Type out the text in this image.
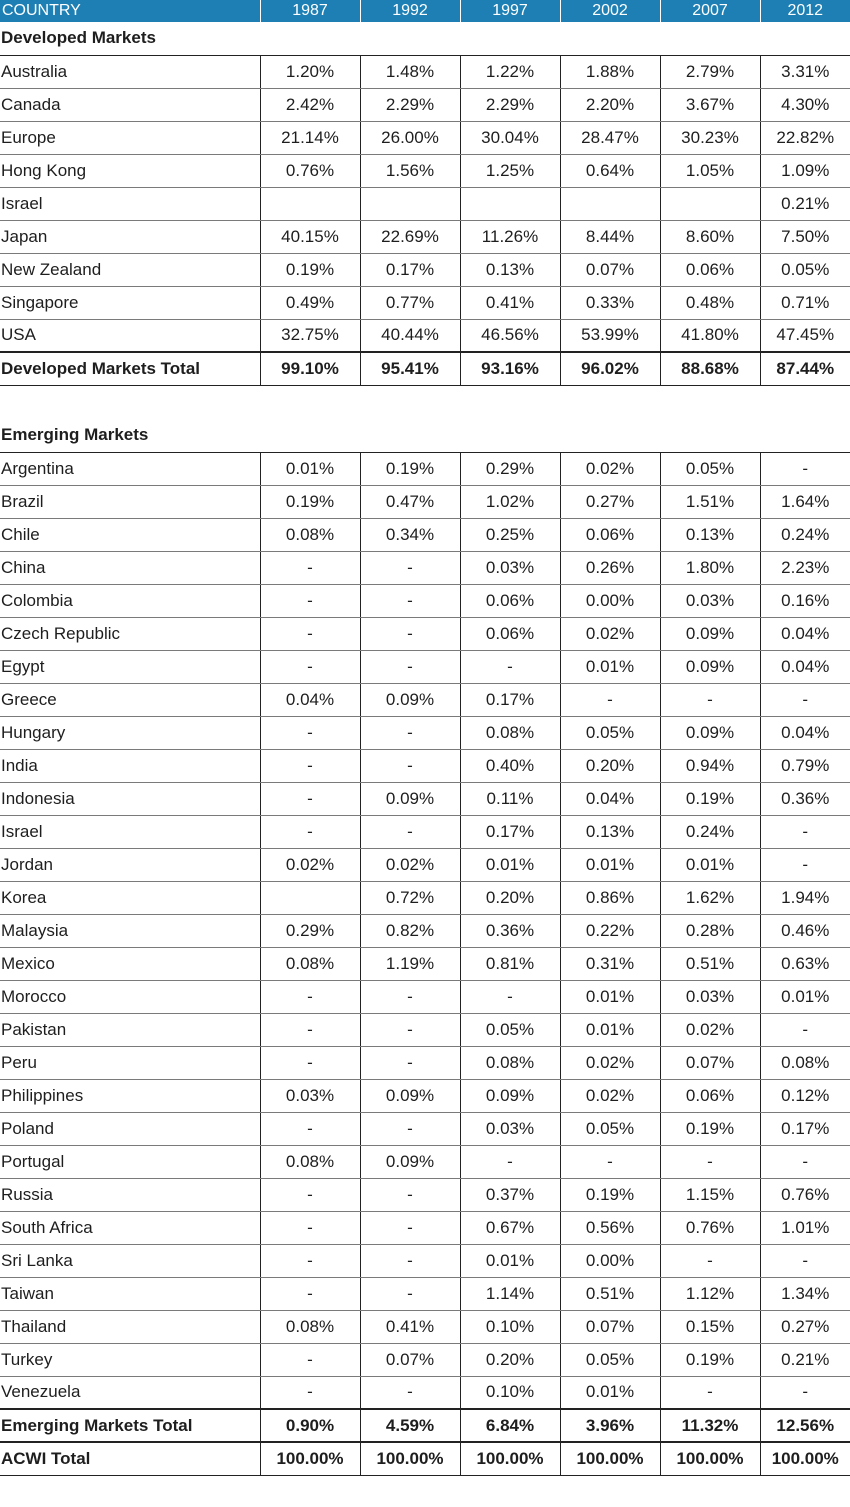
COUNTRY	1987	1992	1997	2002	2007	2012
Developed Markets						
Australia	1.20%	1.48%	1.22%	1.88%	2.79%	3.31%
Canada	2.42%	2.29%	2.29%	2.20%	3.67%	4.30%
Europe	21.14%	26.00%	30.04%	28.47%	30.23%	22.82%
Hong Kong	0.76%	1.56%	1.25%	0.64%	1.05%	1.09%
Israel						0.21%
Japan	40.15%	22.69%	11.26%	8.44%	8.60%	7.50%
New Zealand	0.19%	0.17%	0.13%	0.07%	0.06%	0.05%
Singapore	0.49%	0.77%	0.41%	0.33%	0.48%	0.71%
USA	32.75%	40.44%	46.56%	53.99%	41.80%	47.45%
Developed Markets Total	99.10%	95.41%	93.16%	96.02%	88.68%	87.44%

Emerging Markets						
Argentina	0.01%	0.19%	0.29%	0.02%	0.05%	-
Brazil	0.19%	0.47%	1.02%	0.27%	1.51%	1.64%
Chile	0.08%	0.34%	0.25%	0.06%	0.13%	0.24%
China	-	-	0.03%	0.26%	1.80%	2.23%
Colombia	-	-	0.06%	0.00%	0.03%	0.16%
Czech Republic	-	-	0.06%	0.02%	0.09%	0.04%
Egypt	-	-	-	0.01%	0.09%	0.04%
Greece	0.04%	0.09%	0.17%	-	-	-
Hungary	-	-	0.08%	0.05%	0.09%	0.04%
India	-	-	0.40%	0.20%	0.94%	0.79%
Indonesia	-	0.09%	0.11%	0.04%	0.19%	0.36%
Israel	-	-	0.17%	0.13%	0.24%	-
Jordan	0.02%	0.02%	0.01%	0.01%	0.01%	-
Korea		0.72%	0.20%	0.86%	1.62%	1.94%
Malaysia	0.29%	0.82%	0.36%	0.22%	0.28%	0.46%
Mexico	0.08%	1.19%	0.81%	0.31%	0.51%	0.63%
Morocco	-	-	-	0.01%	0.03%	0.01%
Pakistan	-	-	0.05%	0.01%	0.02%	-
Peru	-	-	0.08%	0.02%	0.07%	0.08%
Philippines	0.03%	0.09%	0.09%	0.02%	0.06%	0.12%
Poland	-	-	0.03%	0.05%	0.19%	0.17%
Portugal	0.08%	0.09%	-	-	-	-
Russia	-	-	0.37%	0.19%	1.15%	0.76%
South Africa	-	-	0.67%	0.56%	0.76%	1.01%
Sri Lanka	-	-	0.01%	0.00%	-	-
Taiwan	-	-	1.14%	0.51%	1.12%	1.34%
Thailand	0.08%	0.41%	0.10%	0.07%	0.15%	0.27%
Turkey	-	0.07%	0.20%	0.05%	0.19%	0.21%
Venezuela	-	-	0.10%	0.01%	-	-
Emerging Markets Total	0.90%	4.59%	6.84%	3.96%	11.32%	12.56%
ACWI Total	100.00%	100.00%	100.00%	100.00%	100.00%	100.00%
